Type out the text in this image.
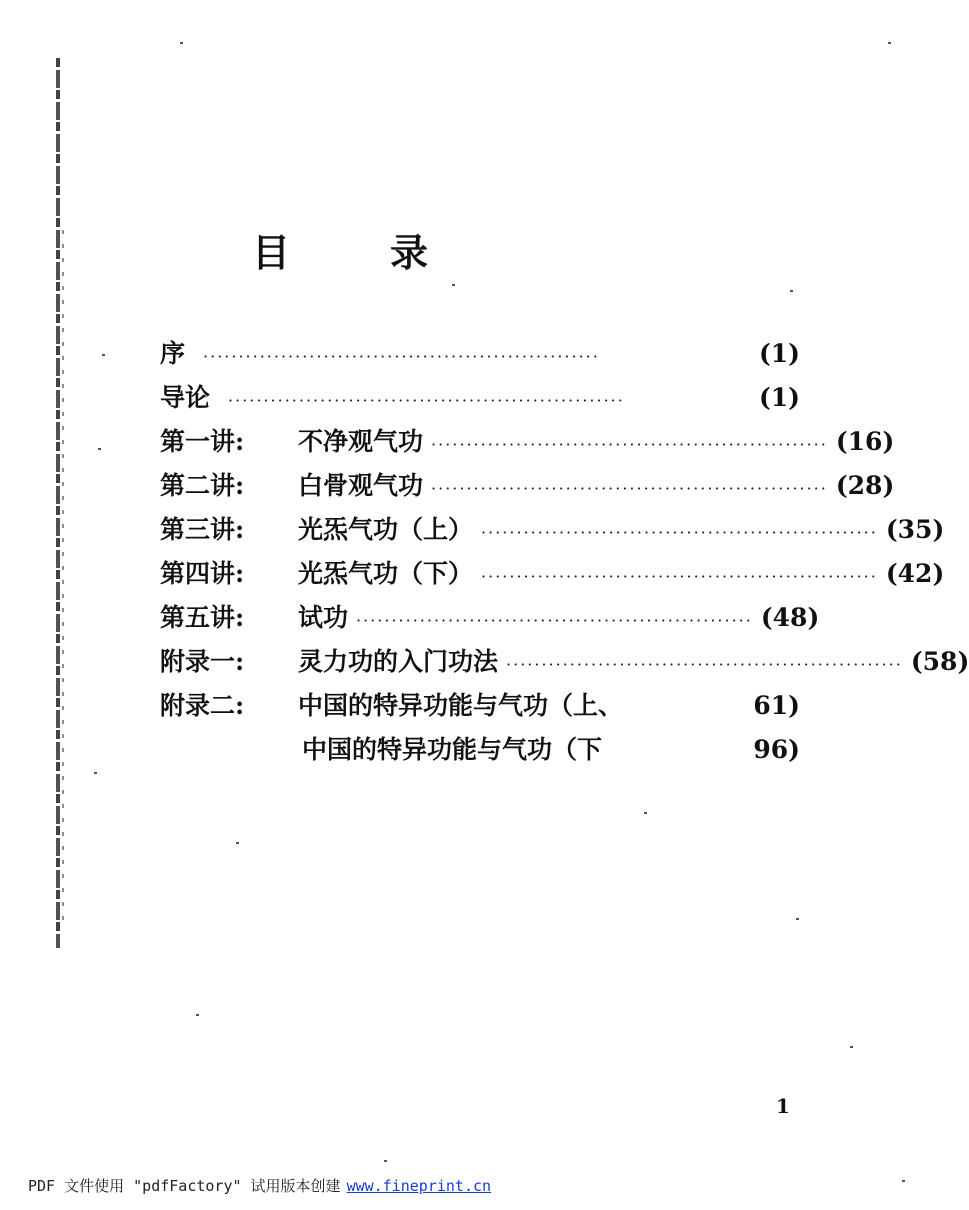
目	录
序 ························································	(1)
导论 ························································	(1)
第一讲:	不净观气功 ························································ (16)
第二讲:	白骨观气功 ························································ (28)
第三讲:	光炁气功（上） ························································ (35)
第四讲:	光炁气功（下） ························································ (42)
第五讲:	试功 ························································ (48)
附录一:	灵力功的入门功法 ························································ (58)
附录二:	中国的特异功能与气功（上、	61)
中国的特异功能与气功（下	96)
1
PDF 文件使用 "pdfFactory" 试用版本创建 www.fineprint.cn
